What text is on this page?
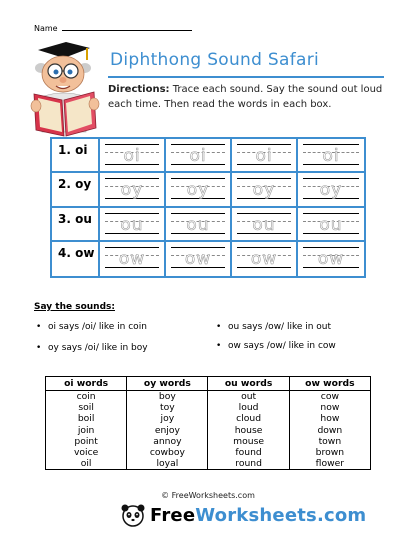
Name
Diphthong Sound Safari
Directions: Trace each sound. Say the sound out loud each time. Then read the words in each box.
1. oi	oi	oi	oi	oi
2. oy	oy	oy	oy	oy
3. ou	ou	ou	ou	ou
4. ow	ow	ow	ow	ow
Say the sounds:
• oi says /oi/ like in coin	• ou says /ow/ like in out
• oy says /oi/ like in boy	• ow says /ow/ like in cow
oi words	oy words	ou words	ow words
coin	boy	out	cow
soil	toy	loud	now
boil	joy	cloud	how
join	enjoy	house	down
point	annoy	mouse	town
voice	cowboy	found	brown
oil	loyal	round	flower
© FreeWorksheets.com
FreeWorksheets.com
